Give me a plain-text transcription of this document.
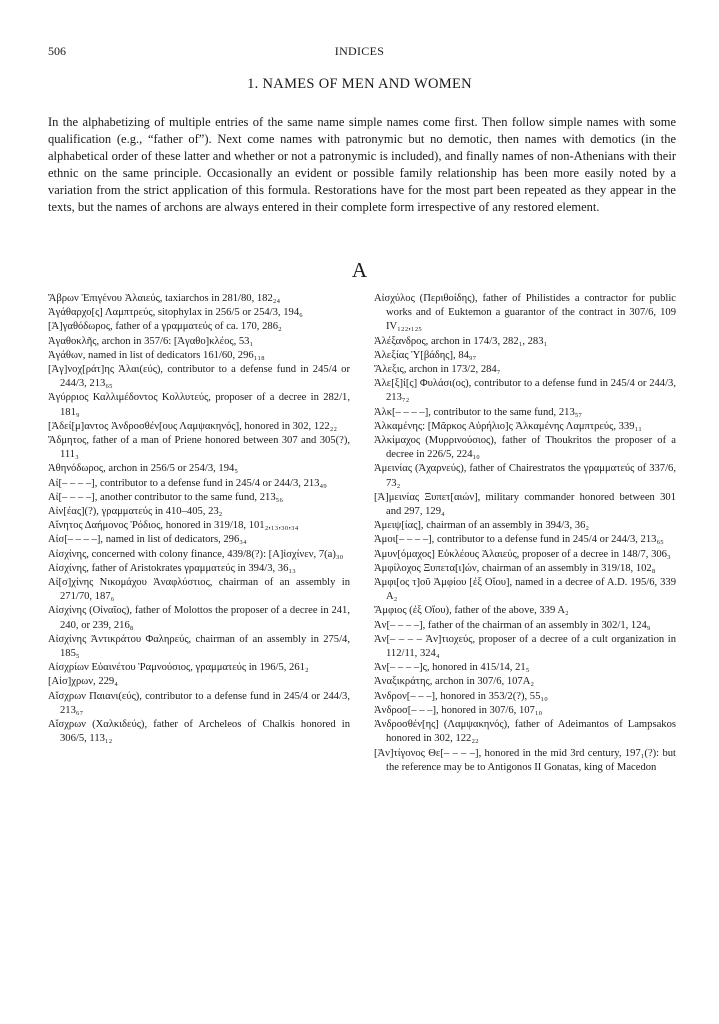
506	INDICES
1. NAMES OF MEN AND WOMEN

In the alphabetizing of multiple entries of the same name simple names come first. Then follow simple names with some qualification (e.g., “father of”). Next come names with patronymic but no demotic, then names with demotics (in the alphabetical order of these latter and whether or not a patronymic is included), and finally names of non-Athenians with their ethnic on the same principle. Occasionally an evident or possible family relationship has been more easily noted by a variation from the strict application of this formula. Restorations have for the most part been repeated as they appear in the texts, but the names of archons are always entered in their complete form irrespective of any restored element.

A

Ἄβρων Ἐπιγένου Ἁλαιεύς, taxiarchos in 281/80, 182₂₄

Ἀγάθαρχο[ς] Λαμπτρεύς, sitophylax in 256/5 or 254/3, 194₆

[Ἀ]γαθόδωρος, father of a γραμματεύς of ca. 170, 286₂

Ἀγαθοκλῆς, archon in 357/6: [Ἀγαθο]κλέος, 53₁

Ἀγάθων, named in list of dedicators 161/60, 296₁₁₈

[Ἀγ]νοχ[ράτ]ης Ἁλαι(εύς), contributor to a defense fund in 245/4 or 244/3, 213₆₅

Ἀγύρριος Καλλιμέδοντος Κολλυτεύς, proposer of a decree in 282/1, 181₉

[Ἀδεί[μ]αντος Ἀνδροσθέν[ους Λαμψακηνός], honored in 302, 122₂₂

Ἄδμητος, father of a man of Priene honored between 307 and 305(?), 111₃

Ἀθηνόδωρος, archon in 256/5 or 254/3, 194₅

Αἰ[– – – –], contributor to a defense fund in 245/4 or 244/3, 213₄₉

Αἰ[– – – –], another contributor to the same fund, 213₅₆

Αἰν[έας](?), γραμματεύς in 410–405, 23₂

Αἴνητος Δαήμονος Ῥόδιος, honored in 319/18, 101₂,₁₃,₃₀,₃₄

Αἰσ[– – – –], named in list of dedicators, 296₃₄

Αἰσχίνης, concerned with colony finance, 439/8(?): [Α]ἰσχίνεν, 7(a)₃₀

Αἰσχίνης, father of Aristokrates γραμματεύς in 394/3, 36₁₃

Αἰ[σ]χίνης Νικομάχου Ἀναφλύστιος, chairman of an assembly in 271/70, 187₆

Αἰσχίνης (Οἰναῖος), father of Molottos the proposer of a decree in 241, 240, or 239, 216₈

Αἰσχίνης Ἀντικράτου Φαληρεύς, chairman of an assembly in 275/4, 185₅

Αἰσχρίων Εὐαινέτου Ῥαμνούσιος, γραμματεύς in 196/5, 261₂

[Αἰσ]χρων, 229₄

Αἴσχρων Παιανι(εύς), contributor to a defense fund in 245/4 or 244/3, 213₆₇

Αἴσχρων (Χαλκιδεύς), father of Archeleos of Chalkis honored in 306/5, 113₁₂

Αἰσχύλος (Περιθοίδης), father of Philistides a contractor for public works and of Euktemon a guarantor of the contract in 307/6, 109 IV₁₂₂,₁₂₅

Ἀλέξανδρος, archon in 174/3, 282₁, 283₁

Ἀλεξίας Ὑ[βάδης], 84₉₇

Ἄλεξις, archon in 173/2, 284₇

Ἀλε[ξ]ί[ς] Φυλάσι(ος), contributor to a defense fund in 245/4 or 244/3, 213₇₂

Ἀλκ[– – – –], contributor to the same fund, 213₅₇

Ἀλκαμένης: [Μᾶρκος Αὐρήλιο]ς Ἀλκαμένης Λαμπτρεύς, 339₁₁

Ἀλκίμαχος (Μυρρινούσιος), father of Thoukritos the proposer of a decree in 226/5, 224₁₀

Ἀμεινίας (Ἀχαρνεύς), father of Chairestratos the γραμματεύς of 337/6, 73₂

[Ἀ]μεινίας Ξυπετ[αιών], military commander honored between 301 and 297, 129₄

Ἀμειψ[ίας], chairman of an assembly in 394/3, 36₂

Ἀμοι[– – – –], contributor to a defense fund in 245/4 or 244/3, 213₆₅

Ἀμυν[όμαχος] Εὐκλέους Ἁλαιεύς, proposer of a decree in 148/7, 306₃

Ἀμφίλοχος Ξυπετα[ι]ών, chairman of an assembly in 319/18, 102₈

Ἀμφι[ος τ]οῦ Ἀμφίου [ἐξ Οἴου], named in a decree of A.D. 195/6, 339 A₂

Ἄμφιος (ἐξ Οἴου), father of the above, 339 A₂

Ἀν[– – – –], father of the chairman of an assembly in 302/1, 124₉

Ἀν[– – – – Ἀν]τιοχεύς, proposer of a decree of a cult organization in 112/11, 324₄

Ἀν[– – – –]ς, honored in 415/14, 21₅

Ἀναξικράτης, archon in 307/6, 107A₂

Ἀνδρον[– – –], honored in 353/2(?), 55₁₀

Ἀνδροσ[– – –], honored in 307/6, 107₁₀

Ἀνδροσθέν[ης] (Λαμψακηνός), father of Adeimantos of Lampsakos honored in 302, 122₂₂

[Ἀν]τίγονος Θε[– – – –], honored in the mid 3rd century, 197₁(?): but the reference may be to Antigonos II Gonatas, king of Macedon
